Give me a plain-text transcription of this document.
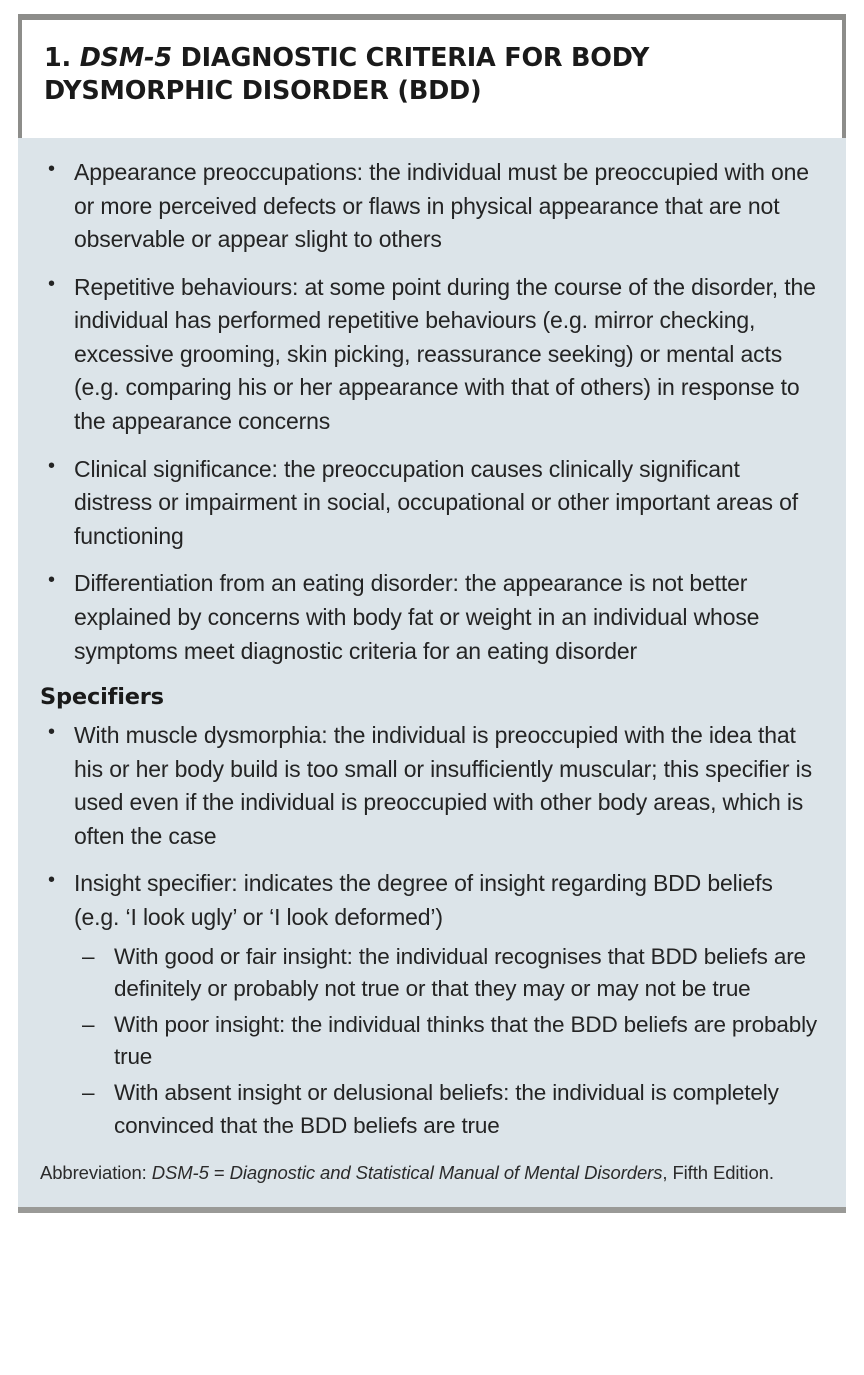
1. DSM-5 DIAGNOSTIC CRITERIA FOR BODY DYSMORPHIC DISORDER (BDD)
• Appearance preoccupations: the individual must be preoccupied with one or more perceived defects or flaws in physical appearance that are not observable or appear slight to others
• Repetitive behaviours: at some point during the course of the disorder, the individual has performed repetitive behaviours (e.g. mirror checking, excessive grooming, skin picking, reassurance seeking) or mental acts (e.g. comparing his or her appearance with that of others) in response to the appearance concerns
• Clinical significance: the preoccupation causes clinically significant distress or impairment in social, occupational or other important areas of functioning
• Differentiation from an eating disorder: the appearance is not better explained by concerns with body fat or weight in an individual whose symptoms meet diagnostic criteria for an eating disorder
Specifiers
• With muscle dysmorphia: the individual is preoccupied with the idea that his or her body build is too small or insufficiently muscular; this specifier is used even if the individual is preoccupied with other body areas, which is often the case
• Insight specifier: indicates the degree of insight regarding BDD beliefs (e.g. ‘I look ugly’ or ‘I look deformed’)
– With good or fair insight: the individual recognises that BDD beliefs are definitely or probably not true or that they may or may not be true
– With poor insight: the individual thinks that the BDD beliefs are probably true
– With absent insight or delusional beliefs: the individual is completely convinced that the BDD beliefs are true

Abbreviation: DSM-5 = Diagnostic and Statistical Manual of Mental Disorders, Fifth Edition.
